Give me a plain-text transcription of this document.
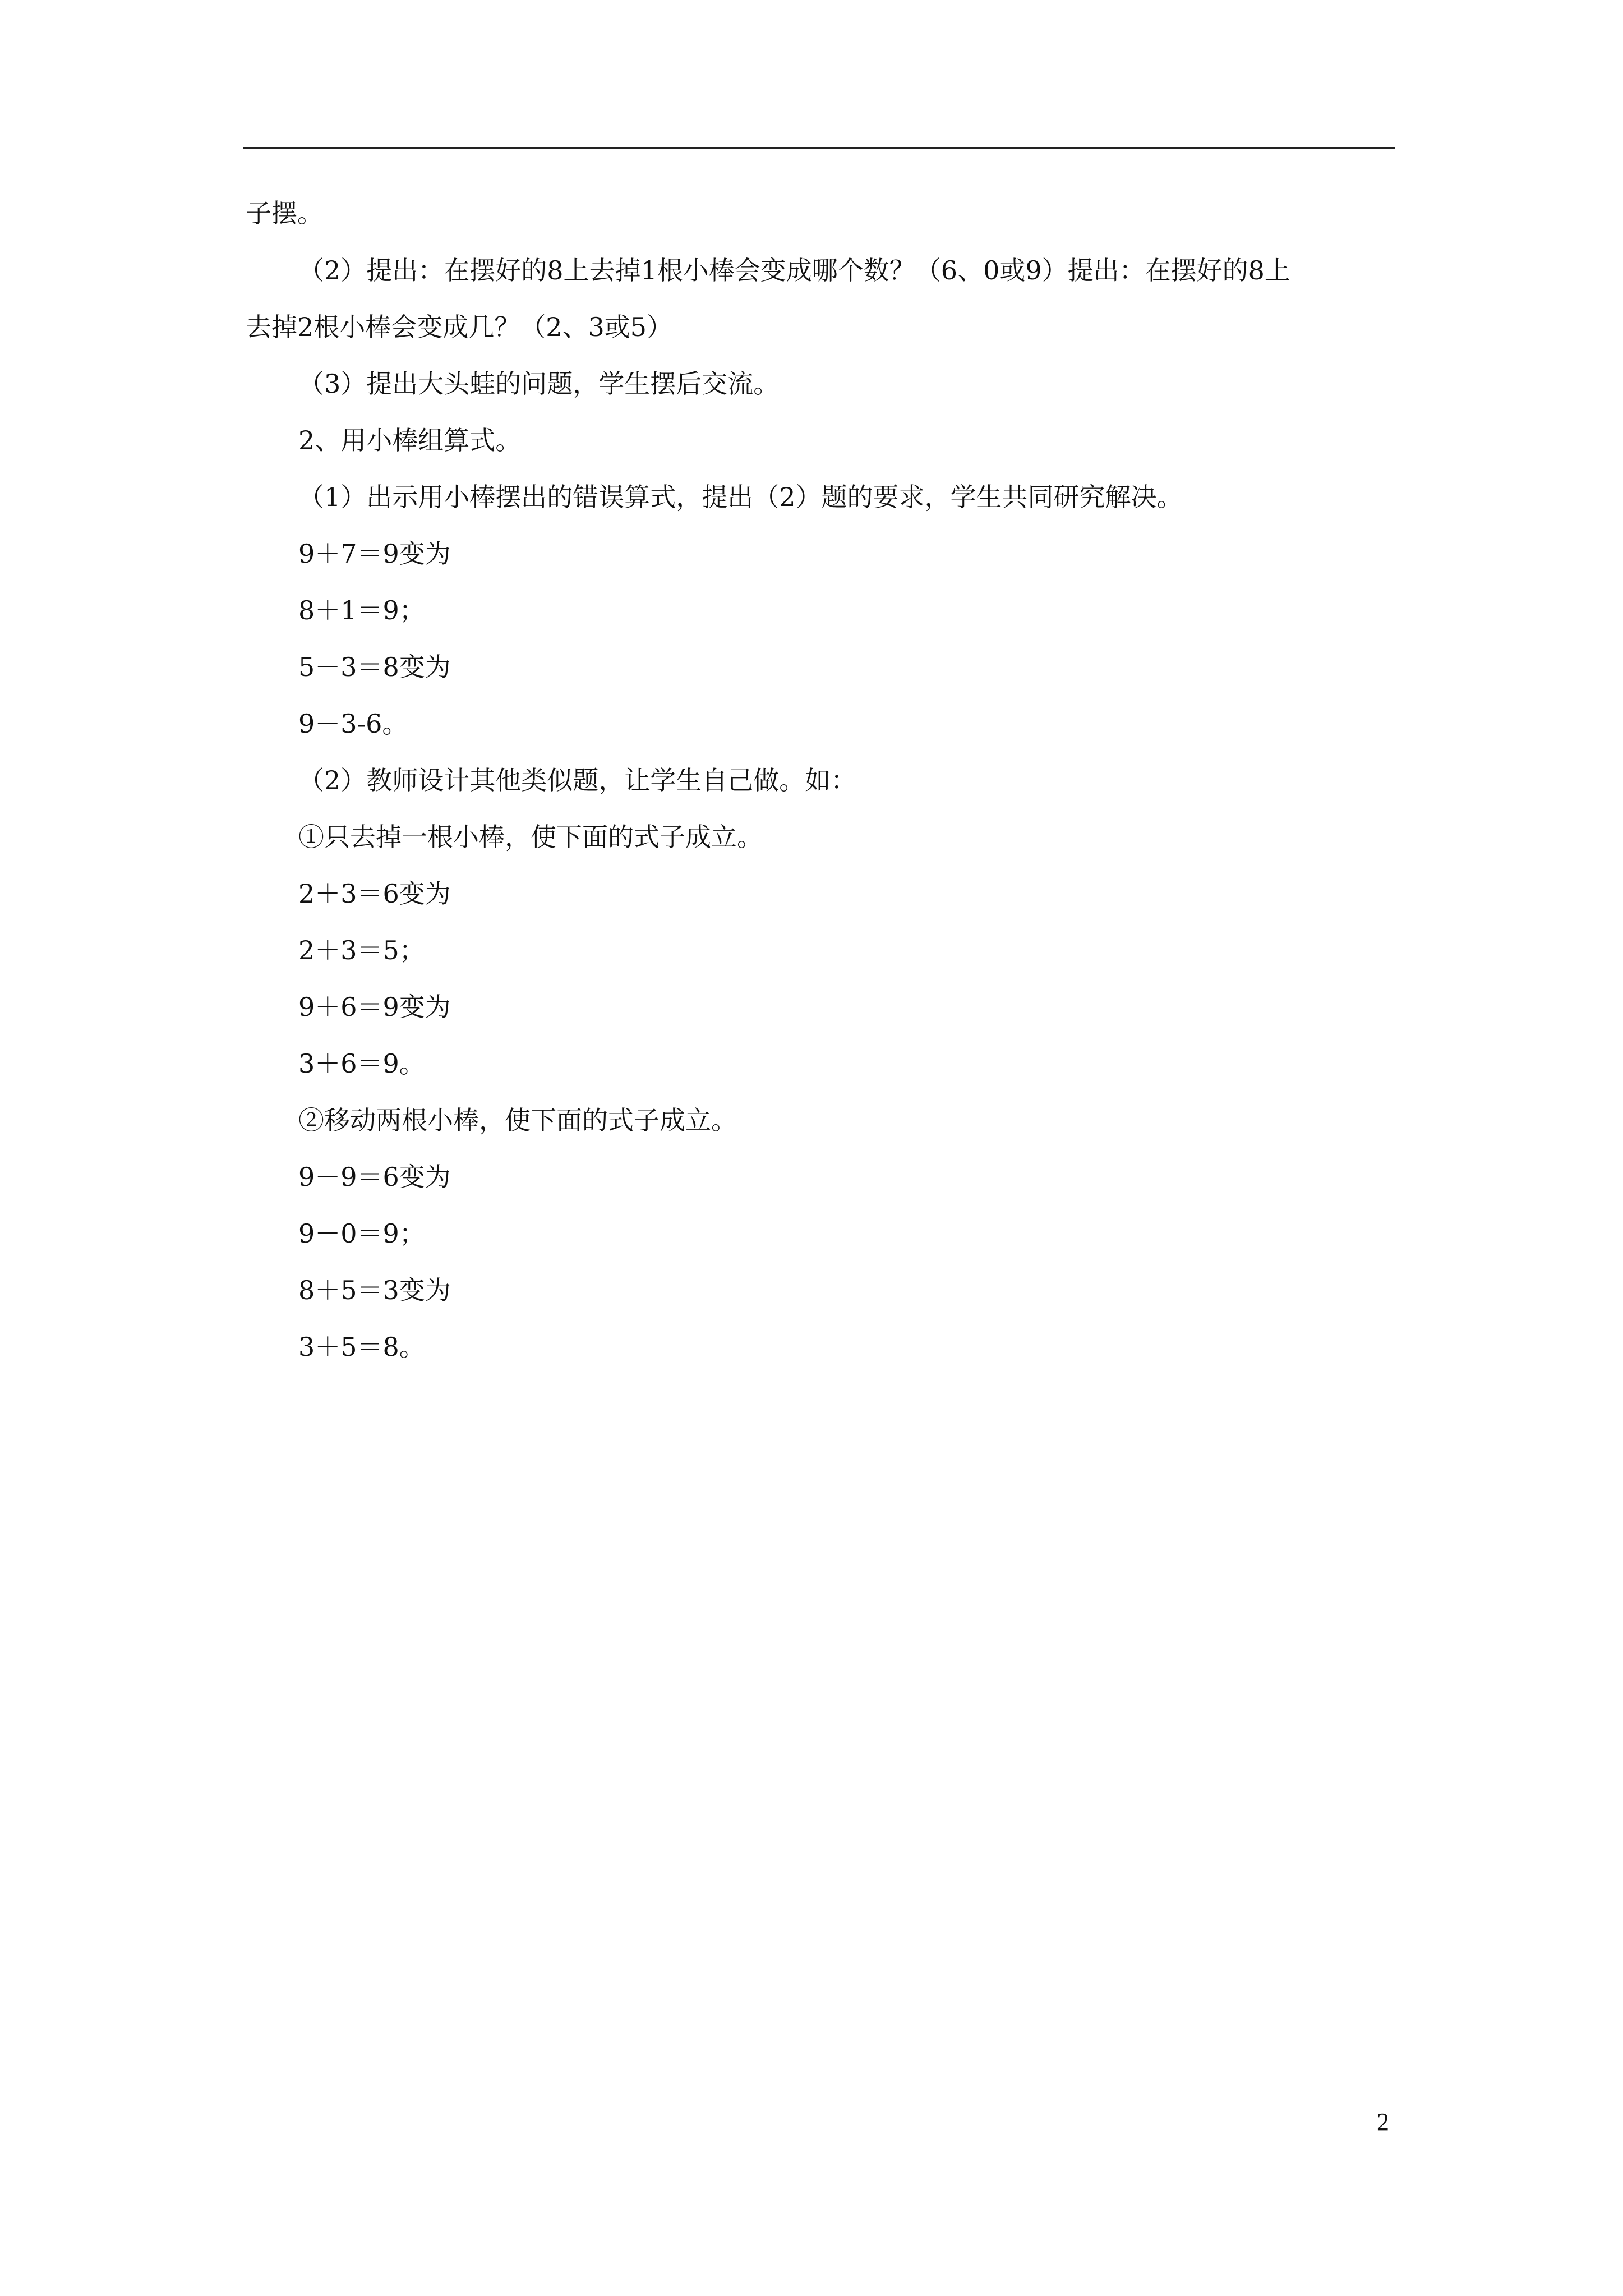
子摆。
（2）提出：在摆好的8上去掉1根小棒会变成哪个数？（6、0或9）提出：在摆好的8上
去掉2根小棒会变成几？（2、3或5）
（3）提出大头蛙的问题，学生摆后交流。
2、用小棒组算式。
（1）出示用小棒摆出的错误算式，提出（2）题的要求，学生共同研究解决。
9＋7＝9变为
8＋1＝9；
5－3＝8变为
9－3-6。
（2）教师设计其他类似题，让学生自己做。如：
①只去掉一根小棒，使下面的式子成立。
2＋3＝6变为
2＋3＝5；
9＋6＝9变为
3＋6＝9。
②移动两根小棒，使下面的式子成立。
9－9＝6变为
9－0＝9；
8＋5＝3变为
3＋5＝8。
2
